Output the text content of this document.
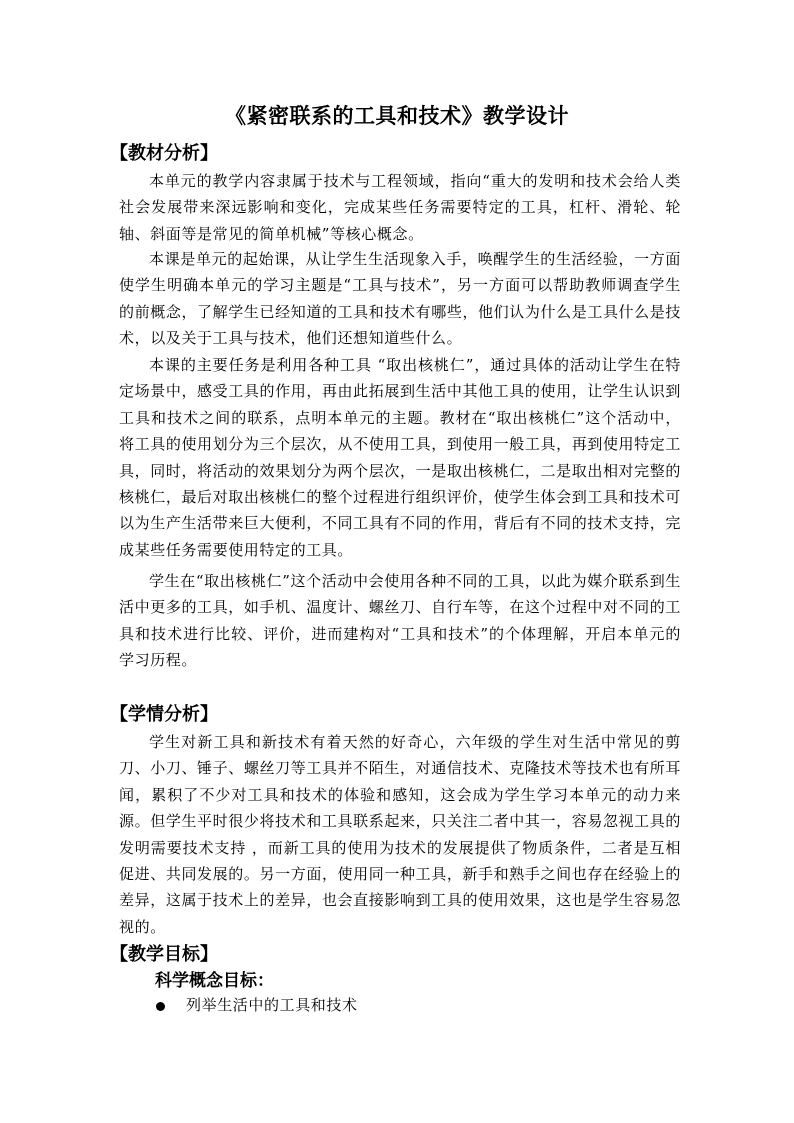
《紧密联系的工具和技术》教学设计
【教材分析】

本单元的教学内容隶属于技术与工程领域，指向“重大的发明和技术会给人类社会发展带来深远影响和变化，完成某些任务需要特定的工具，杠杆、滑轮、轮轴、斜面等是常见的简单机械”等核心概念。

本课是单元的起始课，从让学生生活现象入手，唤醒学生的生活经验，一方面使学生明确本单元的学习主题是“工具与技术”，另一方面可以帮助教师调查学生的前概念，了解学生已经知道的工具和技术有哪些，他们认为什么是工具什么是技术，以及关于工具与技术，他们还想知道些什么。

本课的主要任务是利用各种工具 “取出核桃仁”，通过具体的活动让学生在特定场景中，感受工具的作用，再由此拓展到生活中其他工具的使用，让学生认识到工具和技术之间的联系，点明本单元的主题。教材在“取出核桃仁”这个活动中，将工具的使用划分为三个层次，从不使用工具，到使用一般工具，再到使用特定工具，同时，将活动的效果划分为两个层次，一是取出核桃仁，二是取出相对完整的核桃仁，最后对取出核桃仁的整个过程进行组织评价，使学生体会到工具和技术可以为生产生活带来巨大便利，不同工具有不同的作用，背后有不同的技术支持，完成某些任务需要使用特定的工具。

学生在“取出核桃仁”这个活动中会使用各种不同的工具，以此为媒介联系到生活中更多的工具，如手机、温度计、螺丝刀、自行车等，在这个过程中对不同的工具和技术进行比较、评价，进而建构对“工具和技术”的个体理解，开启本单元的学习历程。

【学情分析】

学生对新工具和新技术有着天然的好奇心，六年级的学生对生活中常见的剪刀、小刀、锤子、螺丝刀等工具并不陌生，对通信技术、克隆技术等技术也有所耳闻，累积了不少对工具和技术的体验和感知，这会成为学生学习本单元的动力来源。但学生平时很少将技术和工具联系起来，只关注二者中其一，容易忽视工具的发明需要技术支持 ，而新工具的使用为技术的发展提供了物质条件，二者是互相促进、共同发展的。另一方面，使用同一种工具，新手和熟手之间也存在经验上的差异，这属于技术上的差异，也会直接影响到工具的使用效果，这也是学生容易忽视的。

【教学目标】
科学概念目标：

列举生活中的工具和技术
